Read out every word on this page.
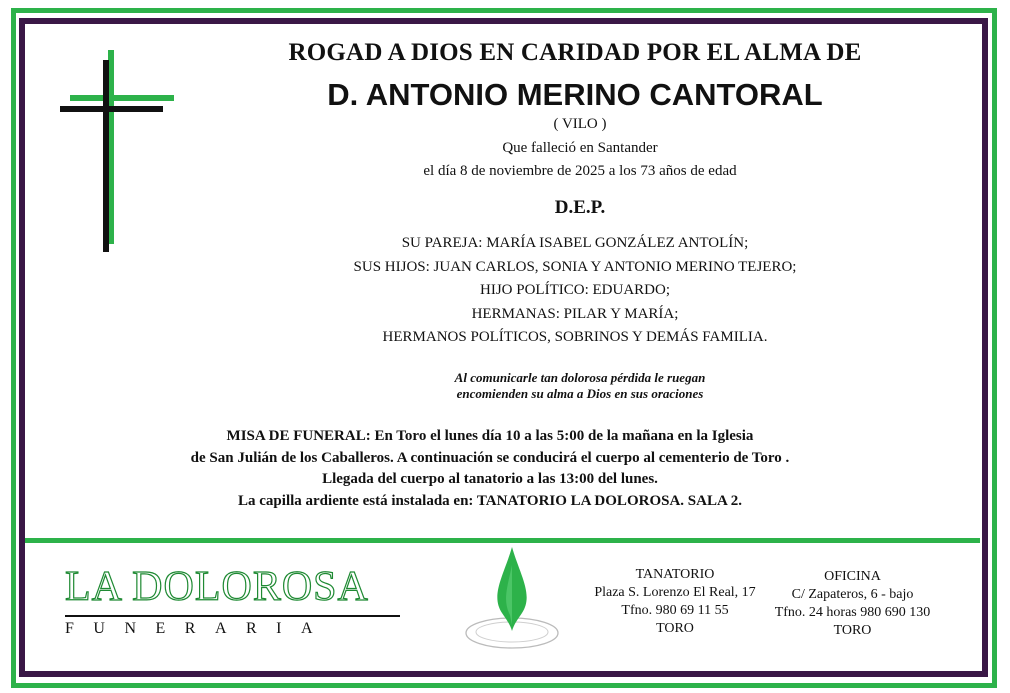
ROGAD A DIOS EN CARIDAD POR EL ALMA DE
D. ANTONIO MERINO CANTORAL
( VILO )
Que falleció en Santander
el día 8 de noviembre de 2025 a los 73 años de edad
D.E.P.
SU PAREJA: MARÍA ISABEL GONZÁLEZ ANTOLÍN;
SUS HIJOS: JUAN CARLOS, SONIA Y ANTONIO MERINO TEJERO;
HIJO POLÍTICO: EDUARDO;
HERMANAS: PILAR Y MARÍA;
HERMANOS POLÍTICOS, SOBRINOS Y DEMÁS FAMILIA.
Al comunicarle tan dolorosa pérdida le ruegan
encomienden su alma a Dios en sus oraciones
MISA DE FUNERAL: En Toro el lunes día 10 a las 5:00 de la mañana en la Iglesia
de San Julián de los Caballeros. A continuación se conducirá el cuerpo al cementerio de Toro .
Llegada del cuerpo al tanatorio a las 13:00 del lunes.
La capilla ardiente está instalada en: TANATORIO LA DOLOROSA. SALA 2.
LA DOLOROSA
FUNERARIA
TANATORIO
Plaza S. Lorenzo El Real, 17
Tfno. 980 69 11 55
TORO
OFICINA
C/ Zapateros, 6 - bajo
Tfno. 24 horas 980 690 130
TORO
